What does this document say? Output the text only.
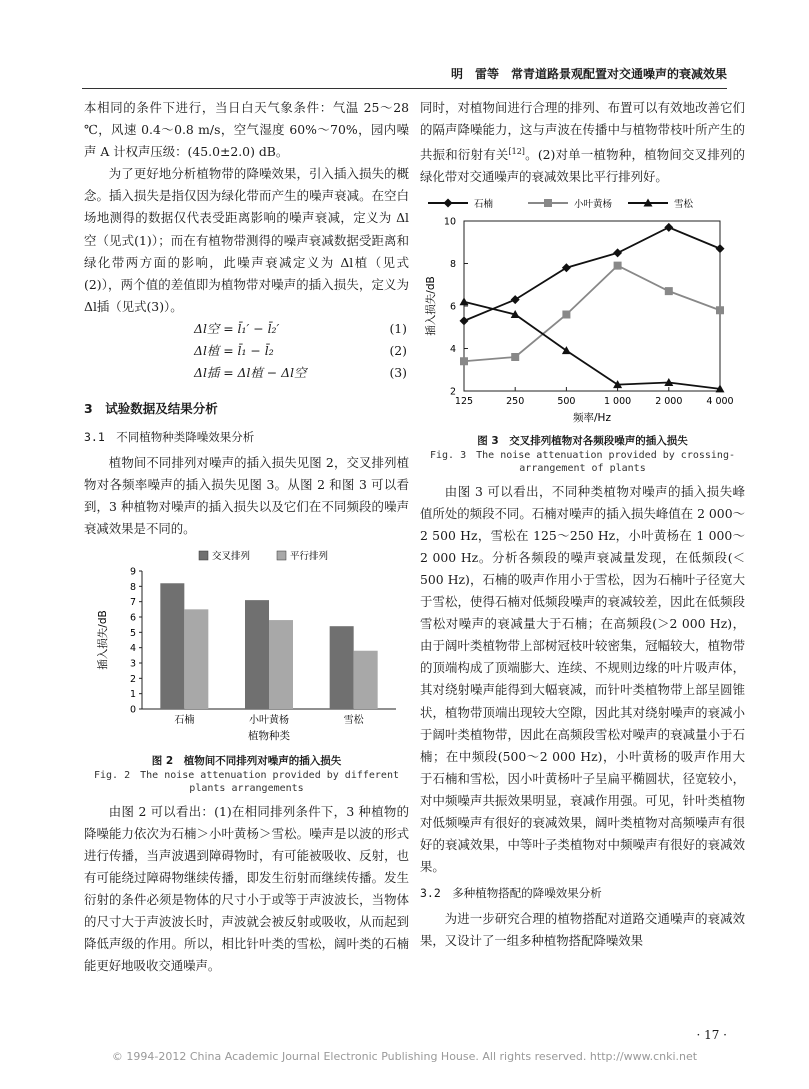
明　雷等　常青道路景观配置对交通噪声的衰减效果

本相同的条件下进行，当日白天气象条件：气温 25～28 ℃，风速 0.4～0.8 m/s，空气湿度 60%～70%，园内噪声 A 计权声压级：(45.0±2.0) dB。

为了更好地分析植物带的降噪效果，引入插入损失的概念。插入损失是指仅因为绿化带而产生的噪声衰减。在空白场地测得的数据仅代表受距离影响的噪声衰减，定义为 Δl空（见式(1)）；而在有植物带测得的噪声衰减数据受距离和绿化带两方面的影响，此噪声衰减定义为 Δl植（见式(2)），两个值的差值即为植物带对噪声的插入损失，定义为 Δl插（见式(3)）。

Δl空 = l̄₁′ − l̄₂′	(1)
Δl植 = l̄₁ − l̄₂	(2)
Δl插 = Δl植 − Δl空	(3)

3　试验数据及结果分析

3.1　不同植物种类降噪效果分析

植物间不同排列对噪声的插入损失见图 2，交叉排列植物对各频率噪声的插入损失见图 3。从图 2 和图 3 可以看到，3 种植物对噪声的插入损失以及它们在不同频段的噪声衰减效果是不同的。

交叉排列	平行排列
0
1
2
3
4
5
6
7
8
9
插入损失/dB
石楠	小叶黄杨	雪松
植物种类
图 2　植物间不同排列对噪声的插入损失
Fig. 2　The noise attenuation provided by different plants arrangements

由图 2 可以看出：(1)在相同排列条件下，3 种植物的降噪能力依次为石楠＞小叶黄杨＞雪松。噪声是以波的形式进行传播，当声波遇到障碍物时，有可能被吸收、反射，也有可能绕过障碍物继续传播，即发生衍射而继续传播。发生衍射的条件必须是物体的尺寸小于或等于声波波长，当物体的尺寸大于声波波长时，声波就会被反射或吸收，从而起到降低声级的作用。所以，相比针叶类的雪松，阔叶类的石楠能更好地吸收交通噪声。

同时，对植物间进行合理的排列、布置可以有效地改善它们的隔声降噪能力，这与声波在传播中与植物带枝叶所产生的共振和衍射有关[12]。(2)对单一植物种，植物间交叉排列的绿化带对交通噪声的衰减效果比平行排列好。

石楠	小叶黄杨	雪松
2
4
6
8
10
125	250	500	1 000	2 000	4 000
插入损失/dB
频率/Hz
图 3　交叉排列植物对各频段噪声的插入损失
Fig. 3　The noise attenuation provided by crossing-arrangement of plants

由图 3 可以看出，不同种类植物对噪声的插入损失峰值所处的频段不同。石楠对噪声的插入损失峰值在 2 000～2 500 Hz，雪松在 125～250 Hz，小叶黄杨在 1 000～2 000 Hz。分析各频段的噪声衰减量发现，在低频段(＜500 Hz)，石楠的吸声作用小于雪松，因为石楠叶子径宽大于雪松，使得石楠对低频段噪声的衰减较差，因此在低频段雪松对噪声的衰减量大于石楠；在高频段(＞2 000 Hz)，由于阔叶类植物带上部树冠枝叶较密集，冠幅较大，植物带的顶端构成了顶端膨大、连续、不规则边缘的叶片吸声体，其对绕射噪声能得到大幅衰减，而针叶类植物带上部呈圆锥状，植物带顶端出现较大空隙，因此其对绕射噪声的衰减小于阔叶类植物带，因此在高频段雪松对噪声的衰减量小于石楠；在中频段(500～2 000 Hz)，小叶黄杨的吸声作用大于石楠和雪松，因小叶黄杨叶子呈扁平椭圆状，径宽较小，对中频噪声共振效果明显，衰减作用强。可见，针叶类植物对低频噪声有很好的衰减效果，阔叶类植物对高频噪声有很好的衰减效果，中等叶子类植物对中频噪声有很好的衰减效果。

3.2　多种植物搭配的降噪效果分析

为进一步研究合理的植物搭配对道路交通噪声的衰减效果，又设计了一组多种植物搭配降噪效果

· 17 ·
© 1994-2012 China Academic Journal Electronic Publishing House. All rights reserved. http://www.cnki.net
